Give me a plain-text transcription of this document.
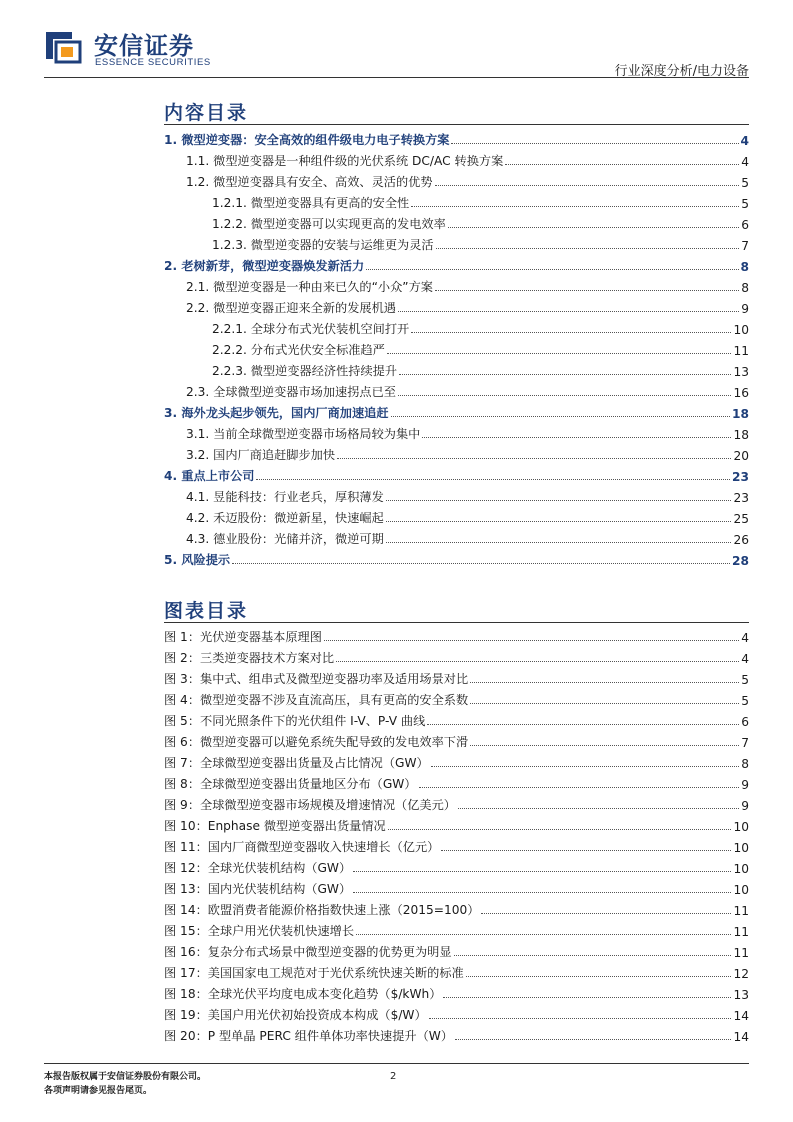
安信证券
ESSENCE SECURITIES
行业深度分析/电力设备
内容目录
1. 微型逆变器：安全高效的组件级电力电子转换方案	4
1.1. 微型逆变器是一种组件级的光伏系统 DC/AC 转换方案	4
1.2. 微型逆变器具有安全、高效、灵活的优势	5
1.2.1. 微型逆变器具有更高的安全性	5
1.2.2. 微型逆变器可以实现更高的发电效率	6
1.2.3. 微型逆变器的安装与运维更为灵活	7
2. 老树新芽，微型逆变器焕发新活力	8
2.1. 微型逆变器是一种由来已久的“小众”方案	8
2.2. 微型逆变器正迎来全新的发展机遇	9
2.2.1. 全球分布式光伏装机空间打开	10
2.2.2. 分布式光伏安全标准趋严	11
2.2.3. 微型逆变器经济性持续提升	13
2.3. 全球微型逆变器市场加速拐点已至	16
3. 海外龙头起步领先，国内厂商加速追赶	18
3.1. 当前全球微型逆变器市场格局较为集中	18
3.2. 国内厂商追赶脚步加快	20
4. 重点上市公司	23
4.1. 昱能科技：行业老兵，厚积薄发	23
4.2. 禾迈股份：微逆新星，快速崛起	25
4.3. 德业股份：光储并济，微逆可期	26
5. 风险提示	28
图表目录
图 1：光伏逆变器基本原理图	4
图 2：三类逆变器技术方案对比	4
图 3：集中式、组串式及微型逆变器功率及适用场景对比	5
图 4：微型逆变器不涉及直流高压，具有更高的安全系数	5
图 5：不同光照条件下的光伏组件 I-V、P-V 曲线	6
图 6：微型逆变器可以避免系统失配导致的发电效率下滑	7
图 7：全球微型逆变器出货量及占比情况（GW）	8
图 8：全球微型逆变器出货量地区分布（GW）	9
图 9：全球微型逆变器市场规模及增速情况（亿美元）	9
图 10：Enphase 微型逆变器出货量情况	10
图 11：国内厂商微型逆变器收入快速增长（亿元）	10
图 12：全球光伏装机结构（GW）	10
图 13：国内光伏装机结构（GW）	10
图 14：欧盟消费者能源价格指数快速上涨（2015=100）	11
图 15：全球户用光伏装机快速增长	11
图 16：复杂分布式场景中微型逆变器的优势更为明显	11
图 17：美国国家电工规范对于光伏系统快速关断的标准	12
图 18：全球光伏平均度电成本变化趋势（$/kWh）	13
图 19：美国户用光伏初始投资成本构成（$/W）	14
图 20：P 型单晶 PERC 组件单体功率快速提升（W）	14
本报告版权属于安信证券股份有限公司。
各项声明请参见报告尾页。
2
